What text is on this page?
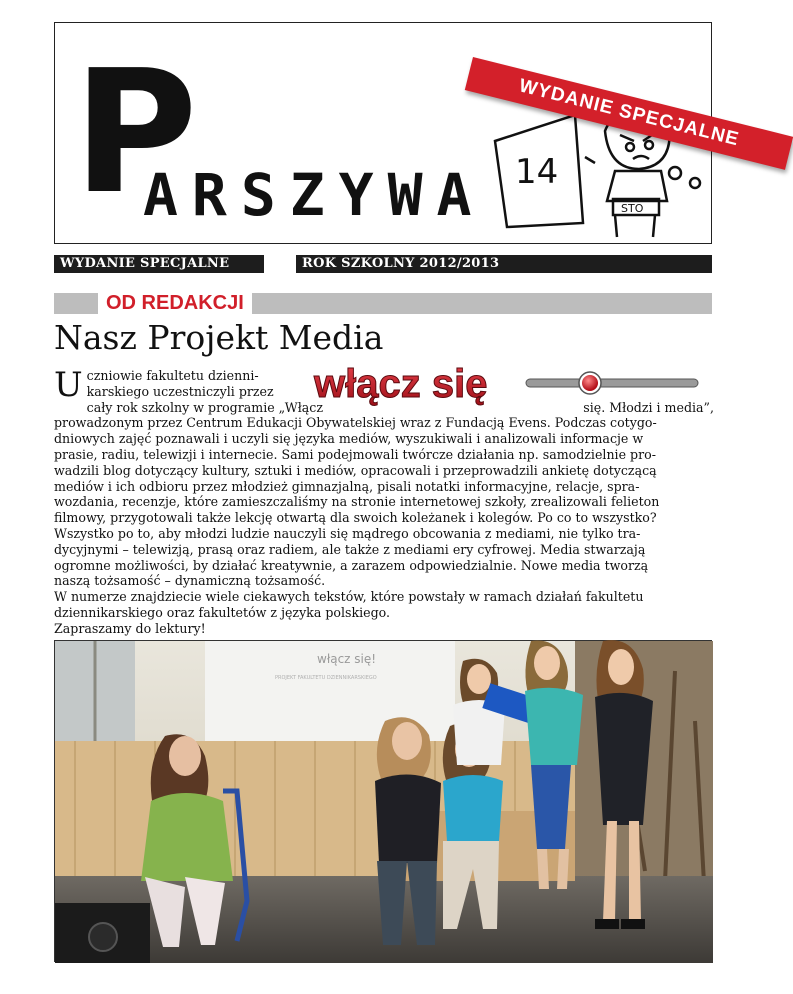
P
ARSZYWA 14
STO
WYDANIE SPECJALNE
WYDANIE SPECJALNE	ROK SZKOLNY 2012/2013
OD REDAKCJI
Nasz Projekt Media
włącz się
U czniowie fakultetu dzienni-
karskiego uczestniczyli przez
cały rok szkolny w programie „Włącz	się. Młodzi i media”,
prowadzonym przez Centrum Edukacji Obywatelskiej wraz z Fundacją Evens. Podczas cotygo-
dniowych zajęć poznawali i uczyli się języka mediów, wyszukiwali i analizowali informacje w
prasie, radiu, telewizji i internecie. Sami podejmowali twórcze działania np. samodzielnie pro-
wadzili blog dotyczący kultury, sztuki i mediów, opracowali i przeprowadzili ankietę dotyczącą
mediów i ich odbioru przez młodzież gimnazjalną, pisali notatki informacyjne, relacje, spra-
wozdania, recenzje, które zamieszczaliśmy na stronie internetowej szkoły, zrealizowali felieton
filmowy, przygotowali także lekcję otwartą dla swoich koleżanek i kolegów. Po co to wszystko?
Wszystko po to, aby młodzi ludzie nauczyli się mądrego obcowania z mediami, nie tylko tra-
dycyjnymi – telewizją, prasą oraz radiem, ale także z mediami ery cyfrowej. Media stwarzają
ogromne możliwości, by działać kreatywnie, a zarazem odpowiedzialnie. Nowe media tworzą
naszą tożsamość – dynamiczną tożsamość.
W numerze znajdziecie wiele ciekawych tekstów, które powstały w ramach działań fakultetu
dziennikarskiego oraz fakultetów z języka polskiego.
Zapraszamy do lektury!
włącz się!
PROJEKT FAKULTETU DZIENNIKARSKIEGO
